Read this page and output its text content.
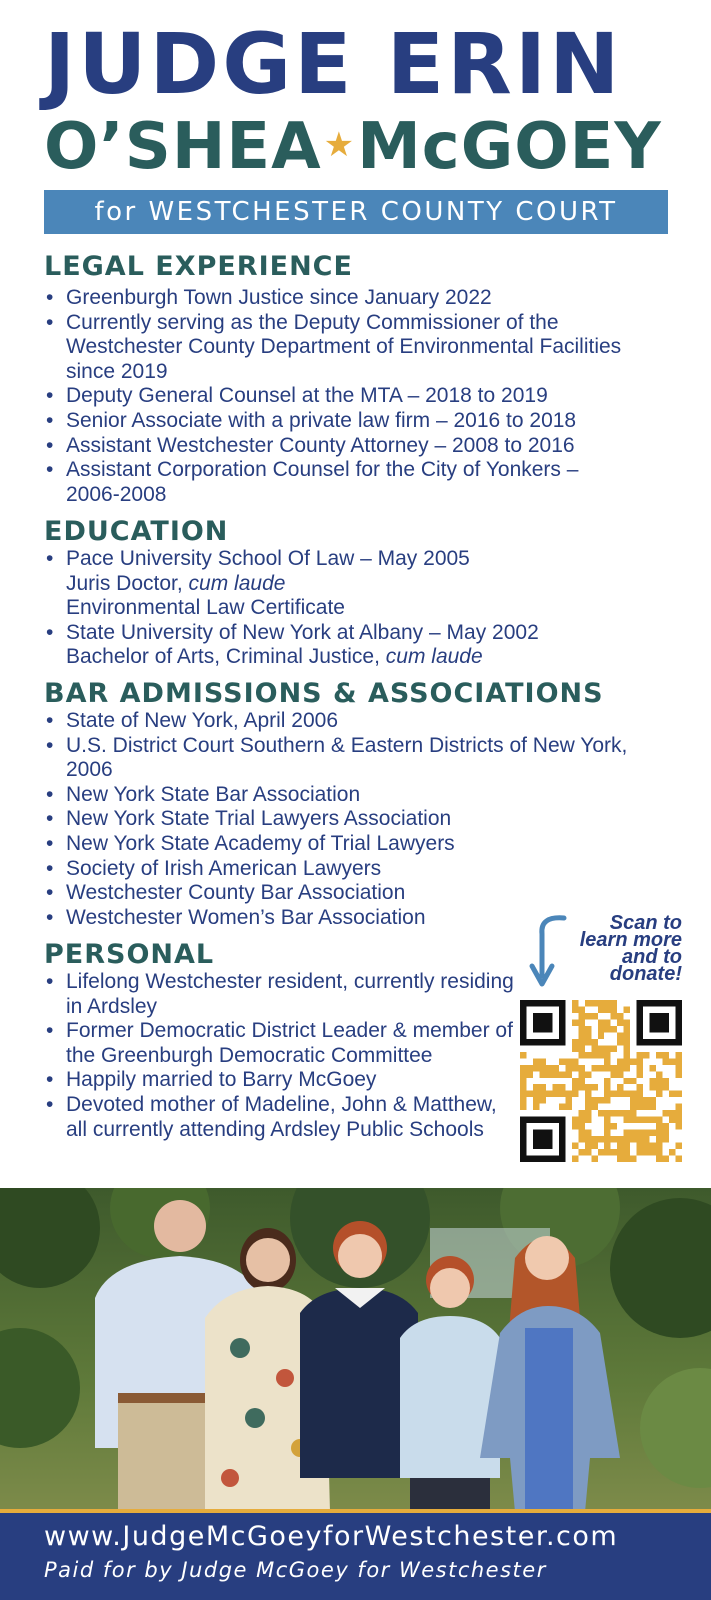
JUDGE ERIN
O’SHEA★McGOEY
for WESTCHESTER COUNTY COURT
LEGAL EXPERIENCE
• Greenburgh Town Justice since January 2022
• Currently serving as the Deputy Commissioner of the Westchester County Department of Environmental Facilities since 2019
• Deputy General Counsel at the MTA – 2018 to 2019
• Senior Associate with a private law firm – 2016 to 2018
• Assistant Westchester County Attorney – 2008 to 2016
• Assistant Corporation Counsel for the City of Yonkers – 2006-2008
EDUCATION
• Pace University School Of Law – May 2005
Juris Doctor, cum laude
Environmental Law Certificate
• State University of New York at Albany – May 2002
Bachelor of Arts, Criminal Justice, cum laude
BAR ADMISSIONS & ASSOCIATIONS
• State of New York, April 2006
• U.S. District Court Southern & Eastern Districts of New York, 2006
• New York State Bar Association
• New York State Trial Lawyers Association
• New York State Academy of Trial Lawyers
• Society of Irish American Lawyers
• Westchester County Bar Association
• Westchester Women’s Bar Association
PERSONAL
• Lifelong Westchester resident, currently residing in Ardsley
• Former Democratic District Leader & member of the Greenburgh Democratic Committee
• Happily married to Barry McGoey
• Devoted mother of Madeline, John & Matthew, all currently attending Ardsley Public Schools
Scan to
learn more
and to
donate!
www.JudgeMcGoeyforWestchester.com
Paid for by Judge McGoey for Westchester
